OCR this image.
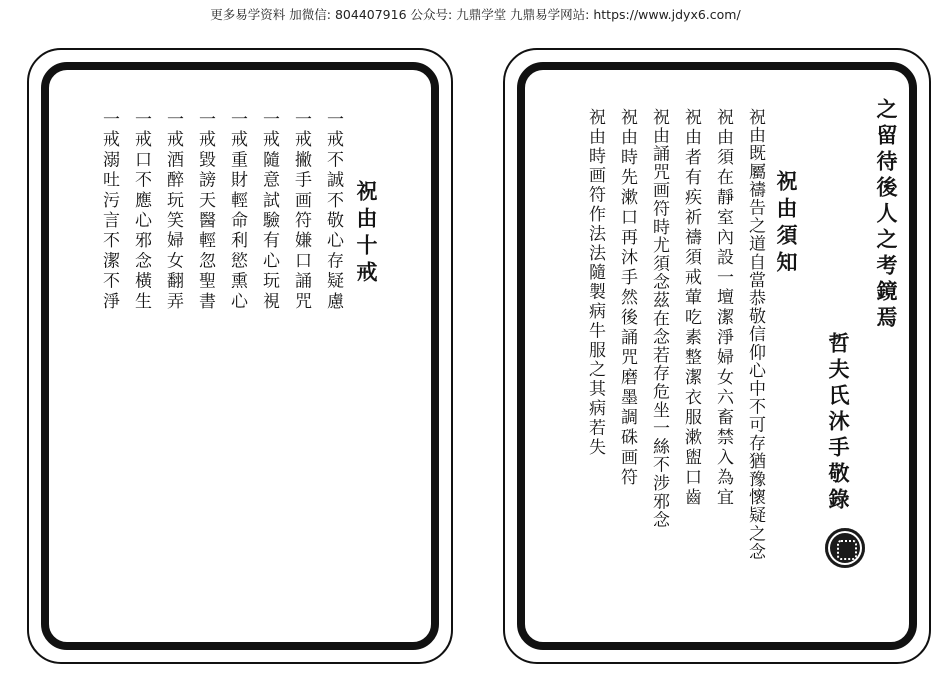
更多易学资料 加微信: 804407916 公众号: 九鼎学堂 九鼎易学网站: https://www.jdyx6.com/
祝由十戒
一戒不誠不敬心存疑慮
一戒撇手画符嫌口誦咒
一戒隨意試驗有心玩視
一戒重財輕命利慾熏心
一戒毀謗天醫輕忽聖書
一戒酒醉玩笑婦女翻弄
一戒口不應心邪念橫生
一戒溺吐污言不潔不淨	之留待後人之考鏡焉
哲夫氏沐手敬錄
祝由須知
祝由既屬禱告之道自當恭敬信仰心中不可存猶豫懷疑之念
祝由須在靜室內設一壇潔淨婦女六畜禁入為宜
祝由者有疾祈禱須戒葷吃素整潔衣服漱盥口齒
祝由誦咒画符時尤須念茲在念若存危坐一絲不涉邪念
祝由時先漱口再沐手然後誦咒磨墨調硃画符
祝由時画符作法法隨製病牛服之其病若失
